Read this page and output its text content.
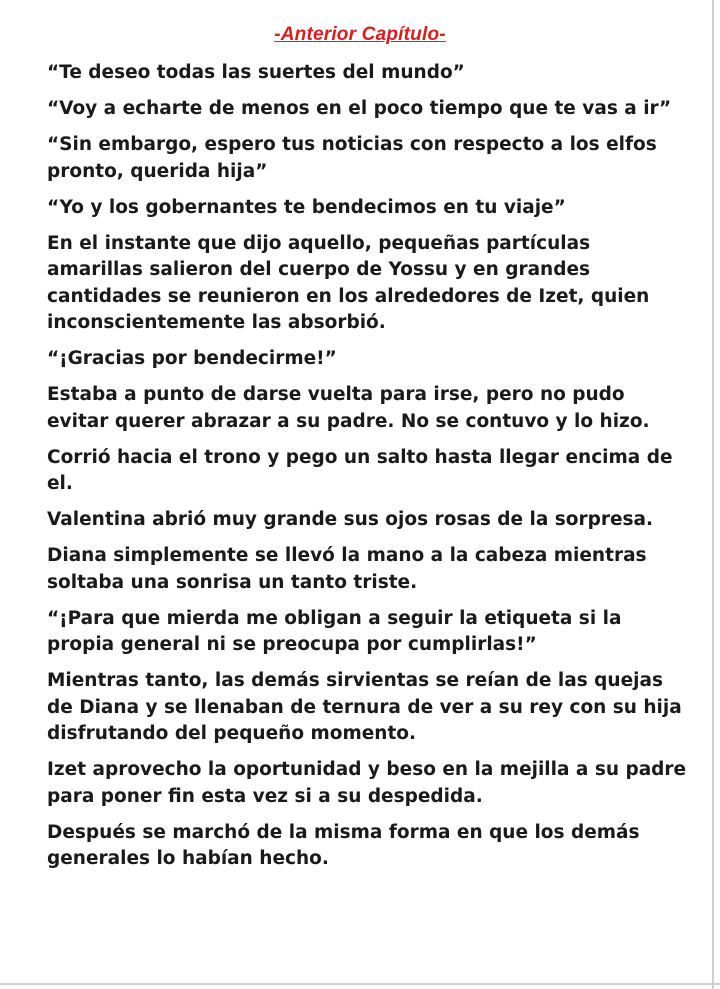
-Anterior Capítulo-

“Te deseo todas las suertes del mundo”

“Voy a echarte de menos en el poco tiempo que te vas a ir”

“Sin embargo, espero tus noticias con respecto a los elfos pronto, querida hija”

“Yo y los gobernantes te bendecimos en tu viaje”

En el instante que dijo aquello, pequeñas partículas amarillas salieron del cuerpo de Yossu y en grandes cantidades se reunieron en los alrededores de Izet, quien inconscientemente las absorbió.

“¡Gracias por bendecirme!”

Estaba a punto de darse vuelta para irse, pero no pudo evitar querer abrazar a su padre. No se contuvo y lo hizo.

Corrió hacia el trono y pego un salto hasta llegar encima de el.

Valentina abrió muy grande sus ojos rosas de la sorpresa.

Diana simplemente se llevó la mano a la cabeza mientras soltaba una sonrisa un tanto triste.

“¡Para que mierda me obligan a seguir la etiqueta si la propia general ni se preocupa por cumplirlas!”

Mientras tanto, las demás sirvientas se reían de las quejas de Diana y se llenaban de ternura de ver a su rey con su hija disfrutando del pequeño momento.

Izet aprovecho la oportunidad y beso en la mejilla a su padre para poner fin esta vez si a su despedida.

Después se marchó de la misma forma en que los demás generales lo habían hecho.
